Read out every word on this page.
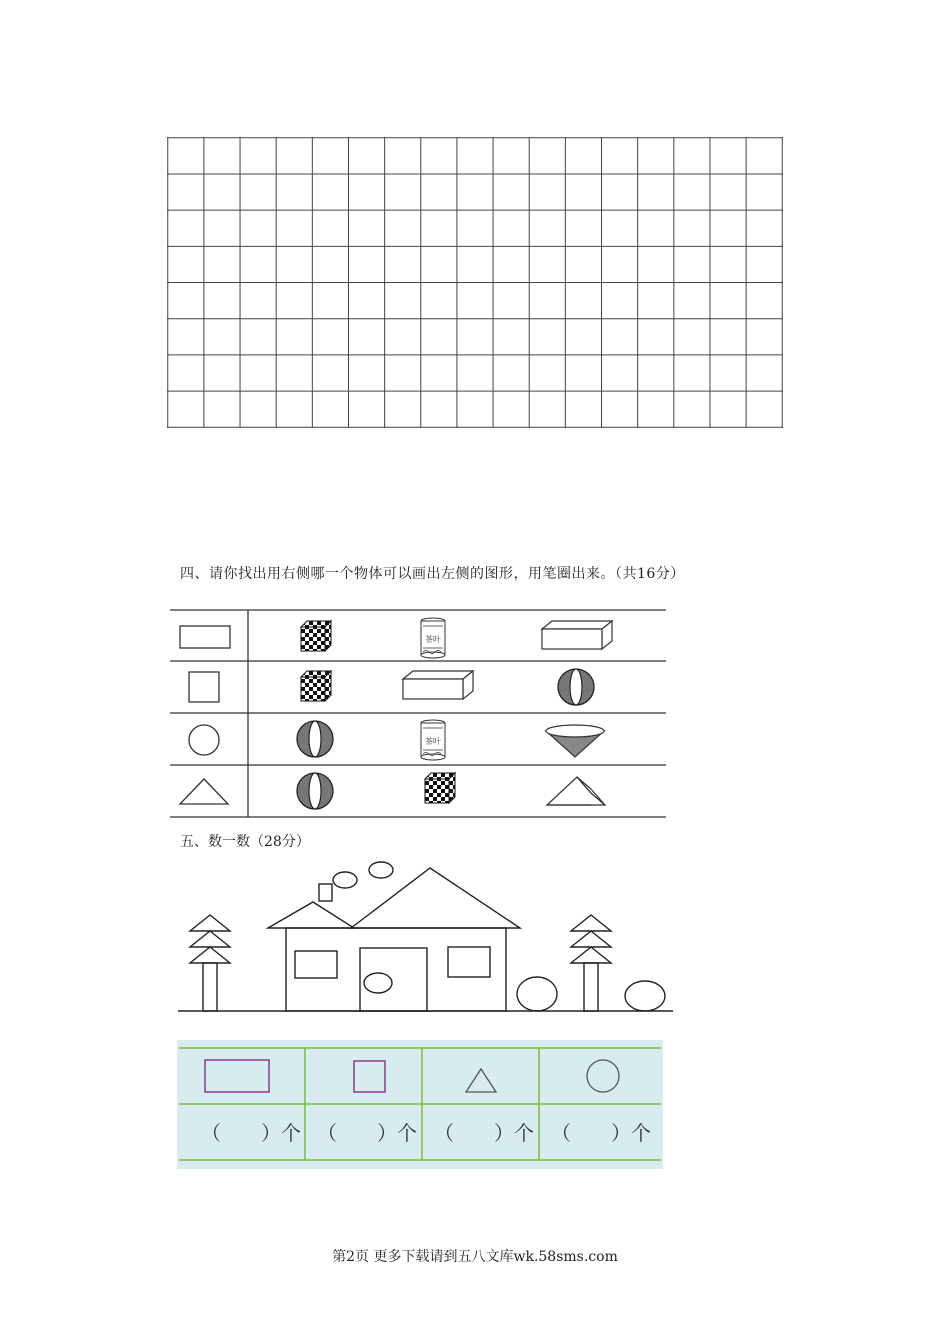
四、请你找出用右侧哪一个物体可以画出左侧的图形，用笔圈出来。（共16分）
茶叶
茶叶
五、数一数（28分）
（　　）个 （　　）个 （　　）个 （　　）个
第2页 更多下载请到五八文库wk.58sms.com
